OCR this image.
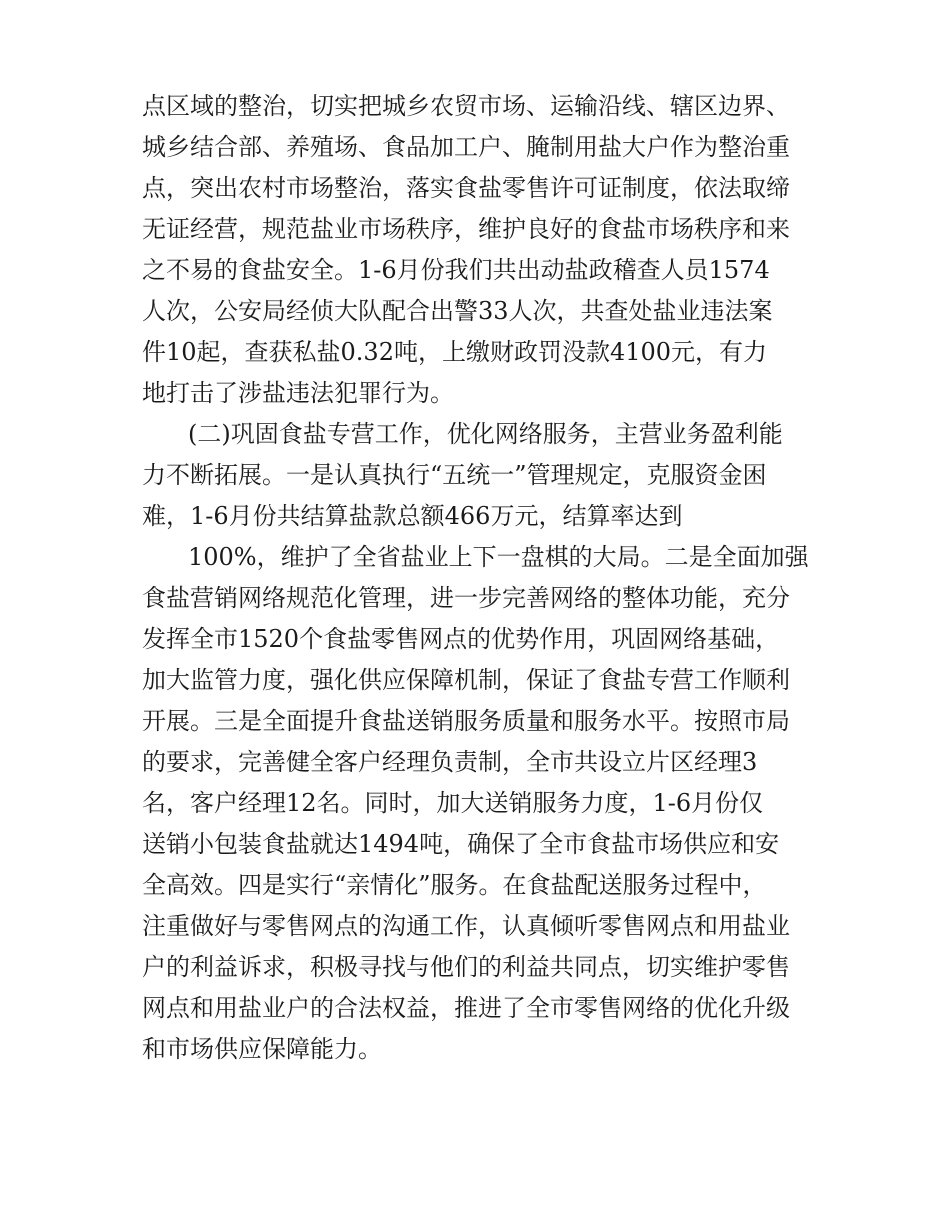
点区域的整治，切实把城乡农贸市场、运输沿线、辖区边界、
城乡结合部、养殖场、食品加工户、腌制用盐大户作为整治重
点，突出农村市场整治，落实食盐零售许可证制度，依法取缔
无证经营，规范盐业市场秩序，维护良好的食盐市场秩序和来
之不易的食盐安全。1-6月份我们共出动盐政稽查人员1574
人次，公安局经侦大队配合出警33人次，共查处盐业违法案
件10起，查获私盐0.32吨，上缴财政罚没款4100元，有力
地打击了涉盐违法犯罪行为。
(二)巩固食盐专营工作，优化网络服务，主营业务盈利能
力不断拓展。一是认真执行“五统一”管理规定，克服资金困
难，1-6月份共结算盐款总额466万元，结算率达到
100%，维护了全省盐业上下一盘棋的大局。二是全面加强
食盐营销网络规范化管理，进一步完善网络的整体功能，充分
发挥全市1520个食盐零售网点的优势作用，巩固网络基础，
加大监管力度，强化供应保障机制，保证了食盐专营工作顺利
开展。三是全面提升食盐送销服务质量和服务水平。按照市局
的要求，完善健全客户经理负责制，全市共设立片区经理3
名，客户经理12名。同时，加大送销服务力度，1-6月份仅
送销小包装食盐就达1494吨，确保了全市食盐市场供应和安
全高效。四是实行“亲情化”服务。在食盐配送服务过程中，
注重做好与零售网点的沟通工作，认真倾听零售网点和用盐业
户的利益诉求，积极寻找与他们的利益共同点，切实维护零售
网点和用盐业户的合法权益，推进了全市零售网络的优化升级
和市场供应保障能力。
